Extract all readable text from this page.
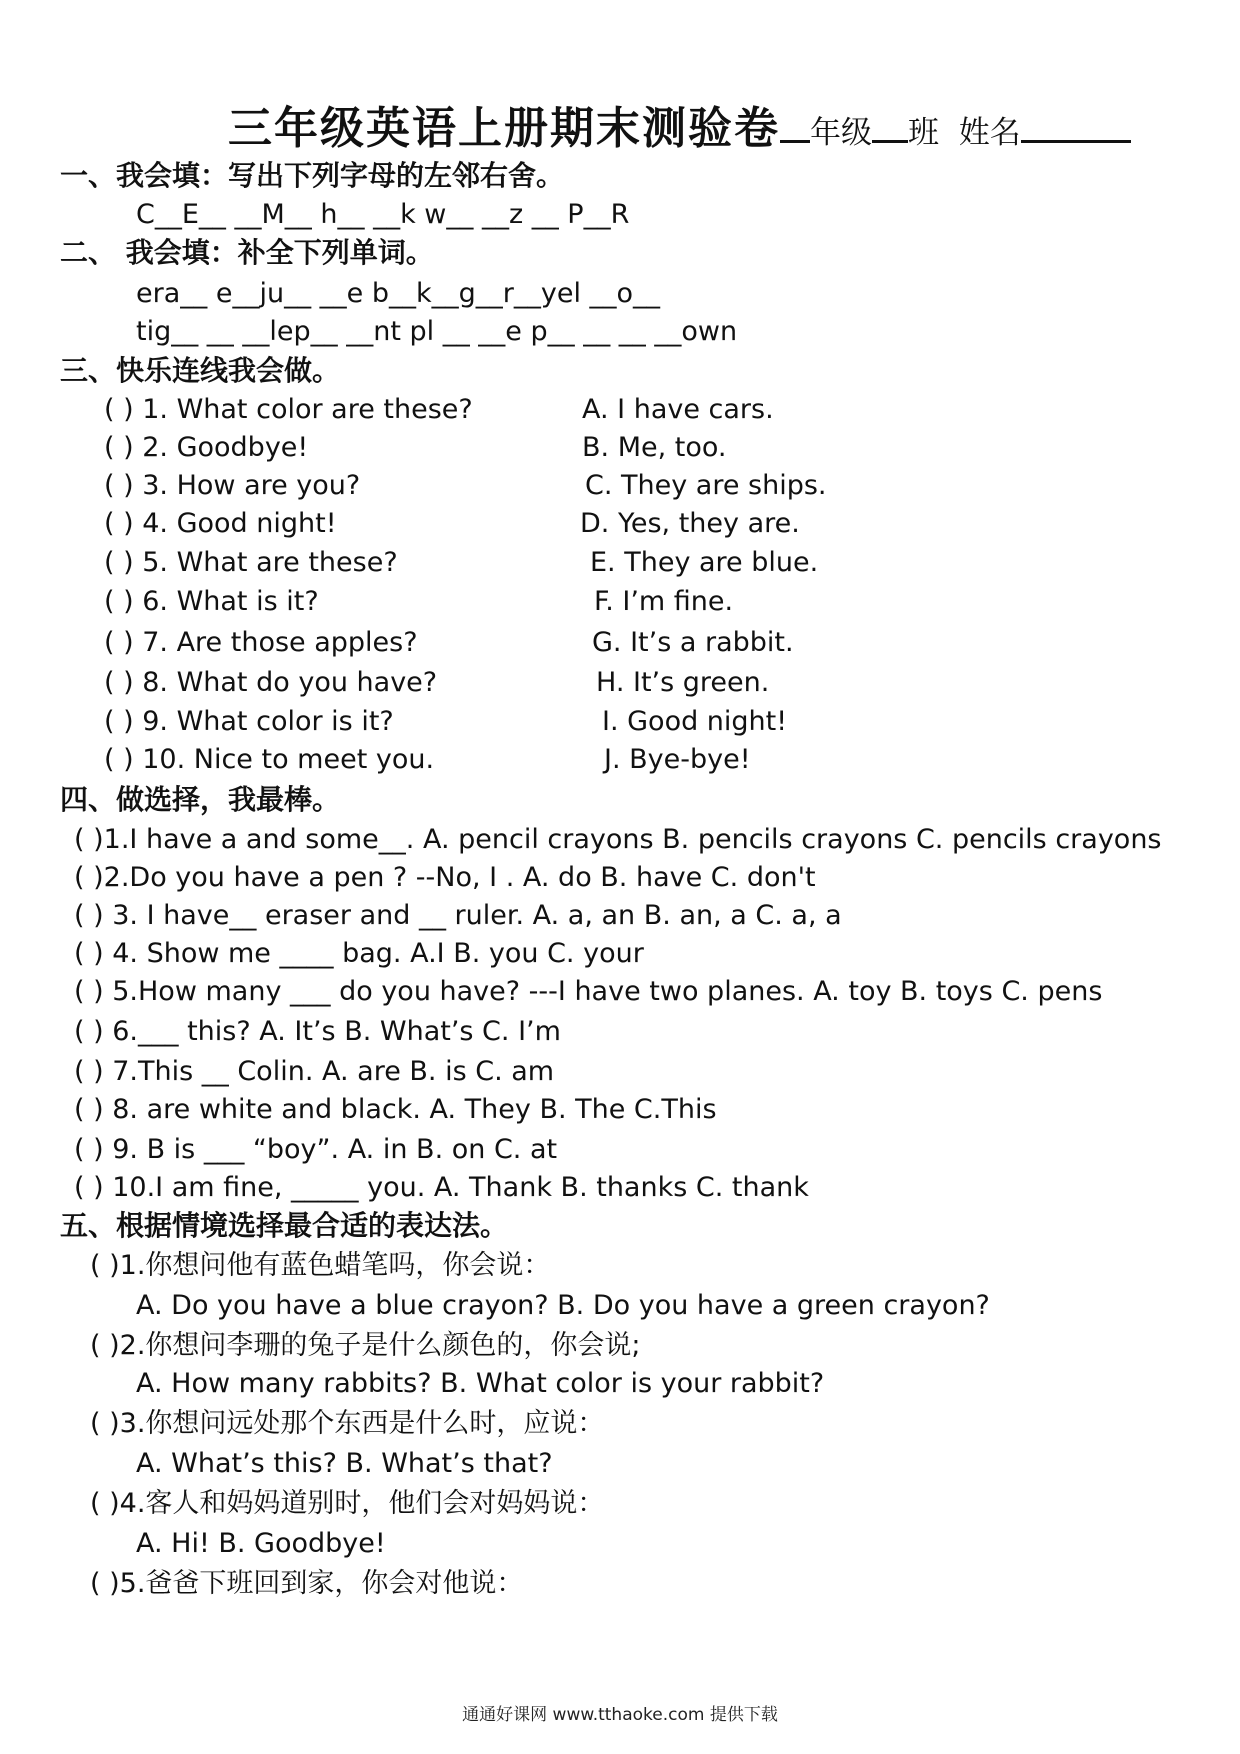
三年级英语上册期末测验卷 年级 班 姓名
一、我会填：写出下列字母的左邻右舍。
C__E__ __M__ h__ __k w__ __z __ P__R
二、 我会填：补全下列单词。
era__ e__ju__ __e b__k__g__r__yel __o__
tig__ __ __lep__ __nt pl __ __e p__ __ __ __own
三、快乐连线我会做。
( ) 1. What color are these?
( ) 2. Goodbye!
( ) 3. How are you?
( ) 4. Good night!
( ) 5. What are these?
( ) 6. What is it?
( ) 7. Are those apples?
( ) 8. What do you have?
( ) 9. What color is it?
( ) 10. Nice to meet you.
A. I have cars.
B. Me, too.
C. They are ships.
D. Yes, they are.
E. They are blue.
F. I’m fine.
G. It’s a rabbit.
H. It’s green.
I. Good night!
J. Bye-bye!
四、做选择，我最棒。
( )1.I have a and some__. A. pencil crayons B. pencils crayons C. pencils crayons
( )2.Do you have a pen ? --No, I . A. do B. have C. don't
( ) 3. I have__ eraser and __ ruler. A. a, an B. an, a C. a, a
( ) 4. Show me ____ bag. A.I B. you C. your
( ) 5.How many ___ do you have? ---I have two planes. A. toy B. toys C. pens
( ) 6.___ this? A. It’s B. What’s C. I’m
( ) 7.This __ Colin. A. are B. is C. am
( ) 8. are white and black. A. They B. The C.This
( ) 9. B is ___ “boy”. A. in B. on C. at
( ) 10.I am fine, _____ you. A. Thank B. thanks C. thank
五、根据情境选择最合适的表达法。
( )1.你想问他有蓝色蜡笔吗，你会说：
A. Do you have a blue crayon? B. Do you have a green crayon?
( )2.你想问李珊的兔子是什么颜色的，你会说;
A. How many rabbits? B. What color is your rabbit?
( )3.你想问远处那个东西是什么时，应说：
A. What’s this? B. What’s that?
( )4.客人和妈妈道别时，他们会对妈妈说：
A. Hi! B. Goodbye!
( )5.爸爸下班回到家，你会对他说：
通通好课网 www.tthaoke.com 提供下载
